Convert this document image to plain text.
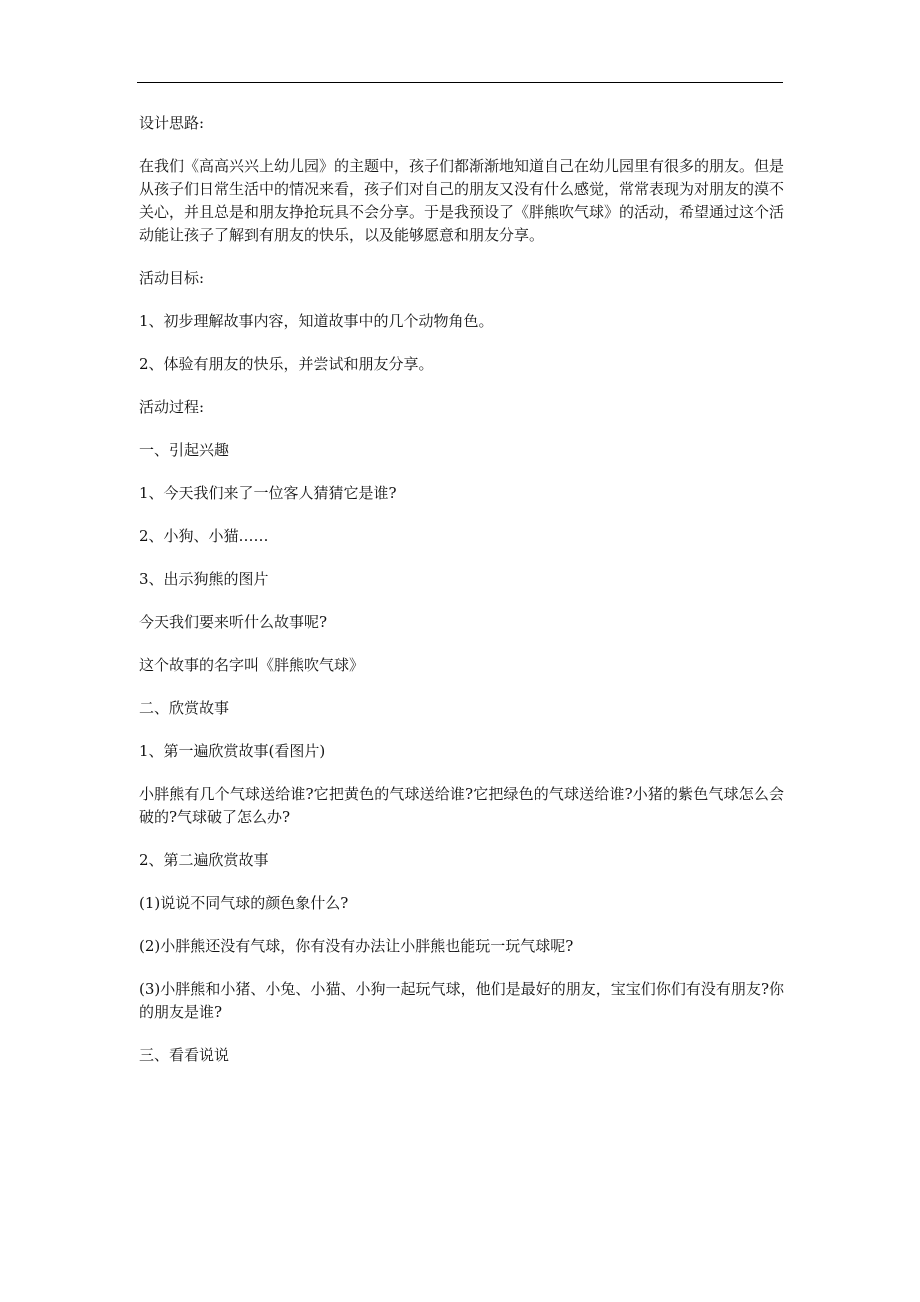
设计思路:

在我们《高高兴兴上幼儿园》的主题中，孩子们都渐渐地知道自己在幼儿园里有很多的朋友。但是从孩子们日常生活中的情况来看，孩子们对自己的朋友又没有什么感觉，常常表现为对朋友的漠不关心，并且总是和朋友挣抢玩具不会分享。于是我预设了《胖熊吹气球》的活动，希望通过这个活动能让孩子了解到有朋友的快乐，以及能够愿意和朋友分享。

活动目标:

1、初步理解故事内容，知道故事中的几个动物角色。

2、体验有朋友的快乐，并尝试和朋友分享。

活动过程:

一、引起兴趣

1、今天我们来了一位客人猜猜它是谁?

2、小狗、小猫……

3、出示狗熊的图片

今天我们要来听什么故事呢?

这个故事的名字叫《胖熊吹气球》

二、欣赏故事

1、第一遍欣赏故事(看图片)

小胖熊有几个气球送给谁?它把黄色的气球送给谁?它把绿色的气球送给谁?小猪的紫色气球怎么会破的?气球破了怎么办?

2、第二遍欣赏故事

(1)说说不同气球的颜色象什么?

(2)小胖熊还没有气球，你有没有办法让小胖熊也能玩一玩气球呢?

(3)小胖熊和小猪、小兔、小猫、小狗一起玩气球，他们是最好的朋友，宝宝们你们有没有朋友?你的朋友是谁?

三、看看说说
